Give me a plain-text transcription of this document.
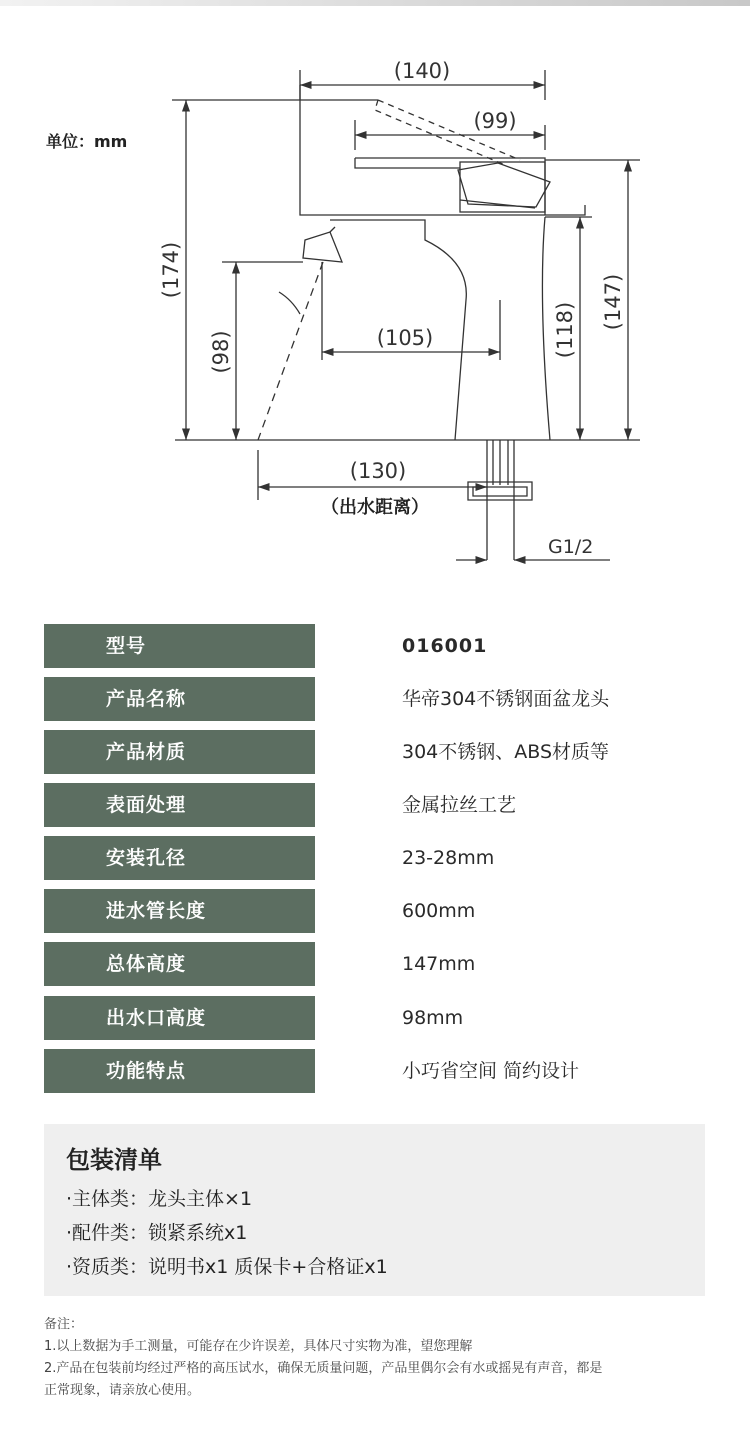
(140)
(99)
(105)
(130)
(174)
(98)	(118) (147)
G1/2
（出水距离）
单位：mm
型号	016001
产品名称	华帝304不锈钢面盆龙头
产品材质	304不锈钢、ABS材质等
表面处理	金属拉丝工艺
安装孔径	23-28mm
进水管长度	600mm
总体高度	147mm
出水口高度	98mm
功能特点	小巧省空间 简约设计
包装清单
·主体类：龙头主体×1
·配件类：锁紧系统x1
·资质类：说明书x1 质保卡+合格证x1
备注：
1.以上数据为手工测量，可能存在少许误差，具体尺寸实物为准，望您理解
2.产品在包装前均经过严格的高压试水，确保无质量问题，产品里偶尔会有水或摇晃有声音，都是
正常现象，请亲放心使用。
